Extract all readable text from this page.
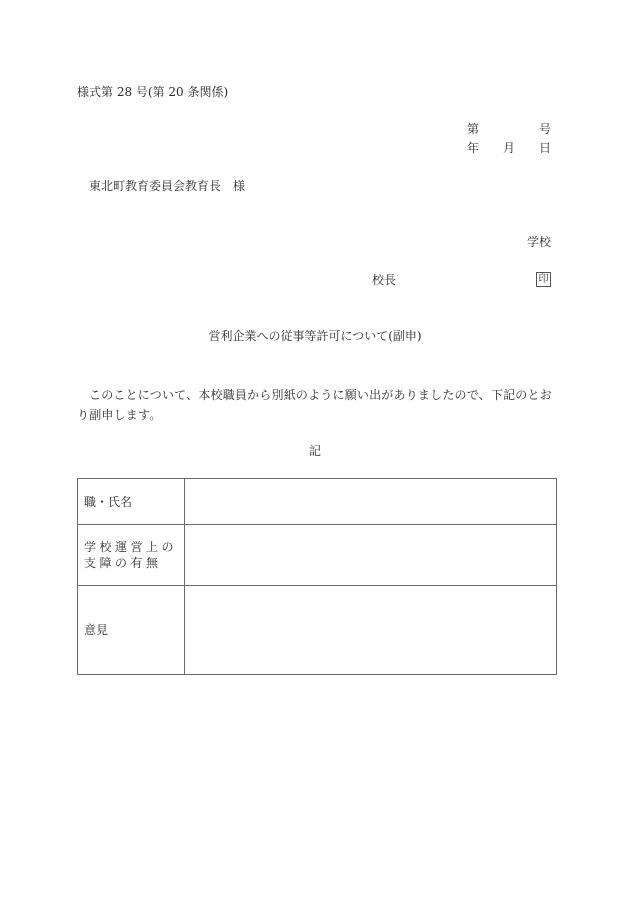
様式第 28 号(第 20 条関係)
第	号
年 月 日
東北町教育委員会教育長　様
学校
校長	印
営利企業への従事等許可について(副申)
このことについて、本校職員から別紙のように願い出がありましたので、下記のとおり副申します。
記
職・氏名	
学校運営上の支障の有無	
意見	
